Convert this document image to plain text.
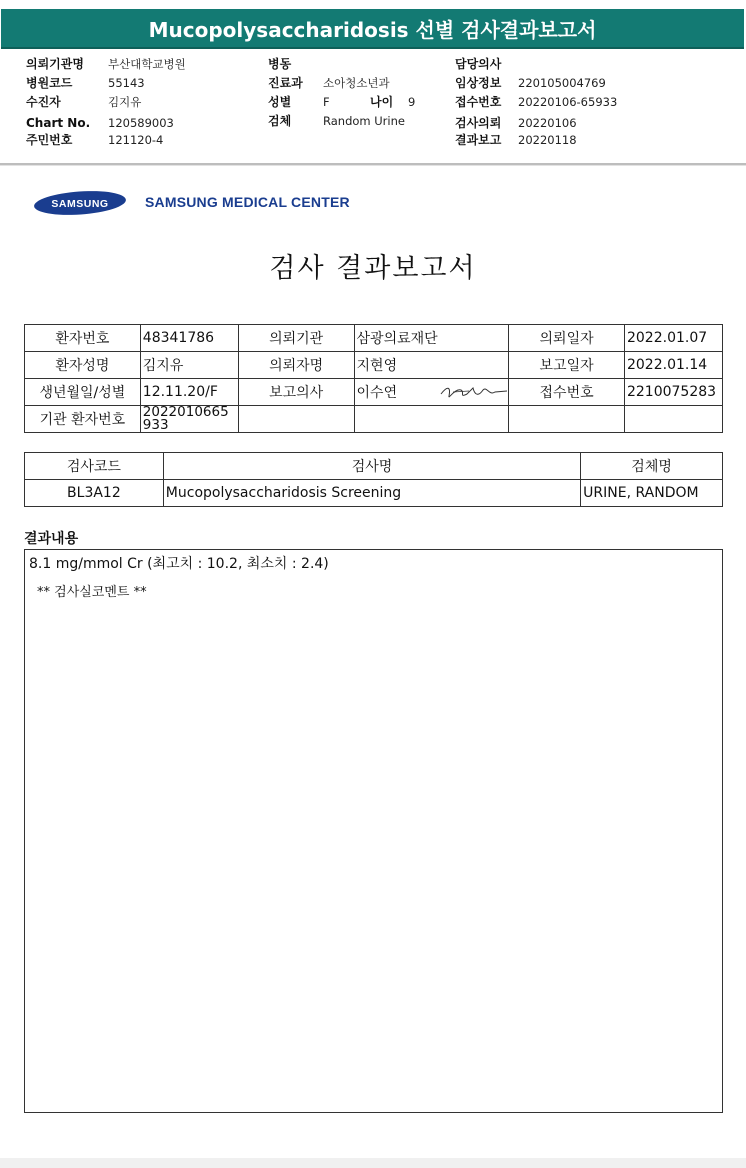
Mucopolysaccharidosis 선별 검사결과보고서
의뢰기관명 부산대학교병원
병원코드	55143
수진자	김지유
Chart No. 120589003
주민번호	121120-4
병동
진료과 소아청소년과
성별	F	나이 9
검체	Random Urine
담당의사
임상정보 220105004769
접수번호 20220106-65933
검사의뢰 20220106
결과보고 20220118
SAMSUNG	SAMSUNG MEDICAL CENTER
검사 결과보고서
환자번호	48341786	의뢰기관	삼광의료재단	의뢰일자	2022.01.07
환자성명	김지유	의뢰자명	지현영	보고일자	2022.01.14
생년월일/성별	12.11.20/F	보고의사	이수연	접수번호	2210075283
기관 환자번호	2022010665933				
검사코드	검사명	검체명
BL3A12	Mucopolysaccharidosis Screening	URINE, RANDOM
결과내용
8.1 mg/mmol Cr (최고치 : 10.2, 최소치 : 2.4)
** 검사실코멘트 **
